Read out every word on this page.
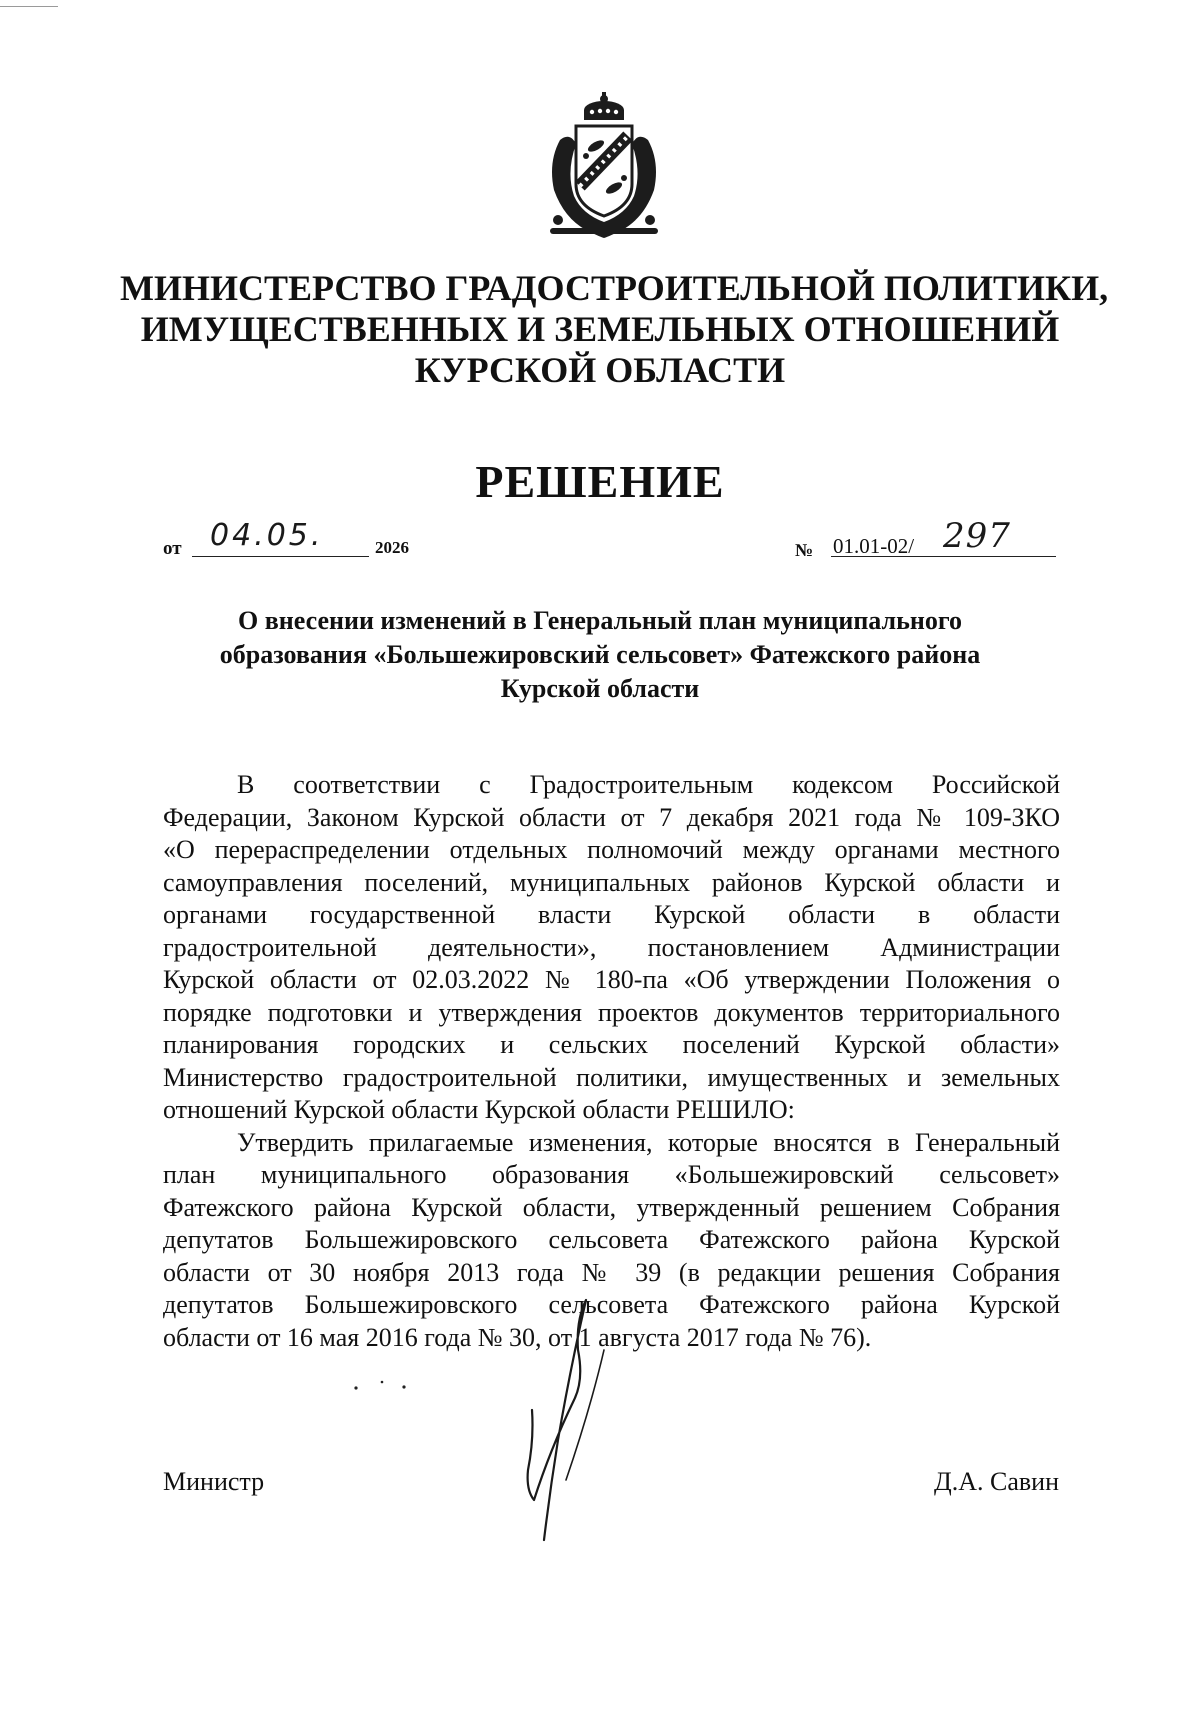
МИНИСТЕРСТВО ГРАДОСТРОИТЕЛЬНОЙ ПОЛИТИКИ,
ИМУЩЕСТВЕННЫХ И ЗЕМЕЛЬНЫХ ОТНОШЕНИЙ
КУРСКОЙ ОБЛАСТИ
РЕШЕНИЕ
от 04.05.	2026	№ 01.01-02/ 297
О внесении изменений в Генеральный план муниципального
образования «Большежировский сельсовет» Фатежского района
Курской области
В соответствии с Градостроительным кодексом Российской
Федерации, Законом Курской области от 7 декабря 2021 года № 109-ЗКО
«О перераспределении отдельных полномочий между органами местного
самоуправления поселений, муниципальных районов Курской области и
органами государственной власти Курской области в области
градостроительной деятельности», постановлением Администрации
Курской области от 02.03.2022 № 180-па «Об утверждении Положения о
порядке подготовки и утверждения проектов документов территориального
планирования городских и сельских поселений Курской области»
Министерство градостроительной политики, имущественных и земельных
отношений Курской области Курской области РЕШИЛО:
Утвердить прилагаемые изменения, которые вносятся в Генеральный
план муниципального образования «Большежировский сельсовет»
Фатежского района Курской области, утвержденный решением Собрания
депутатов Большежировского сельсовета Фатежского района Курской
области от 30 ноября 2013 года № 39 (в редакции решения Собрания
депутатов Большежировского сельсовета Фатежского района Курской
области от 16 мая 2016 года № 30, от 1 августа 2017 года № 76).
Министр	Д.А. Савин
